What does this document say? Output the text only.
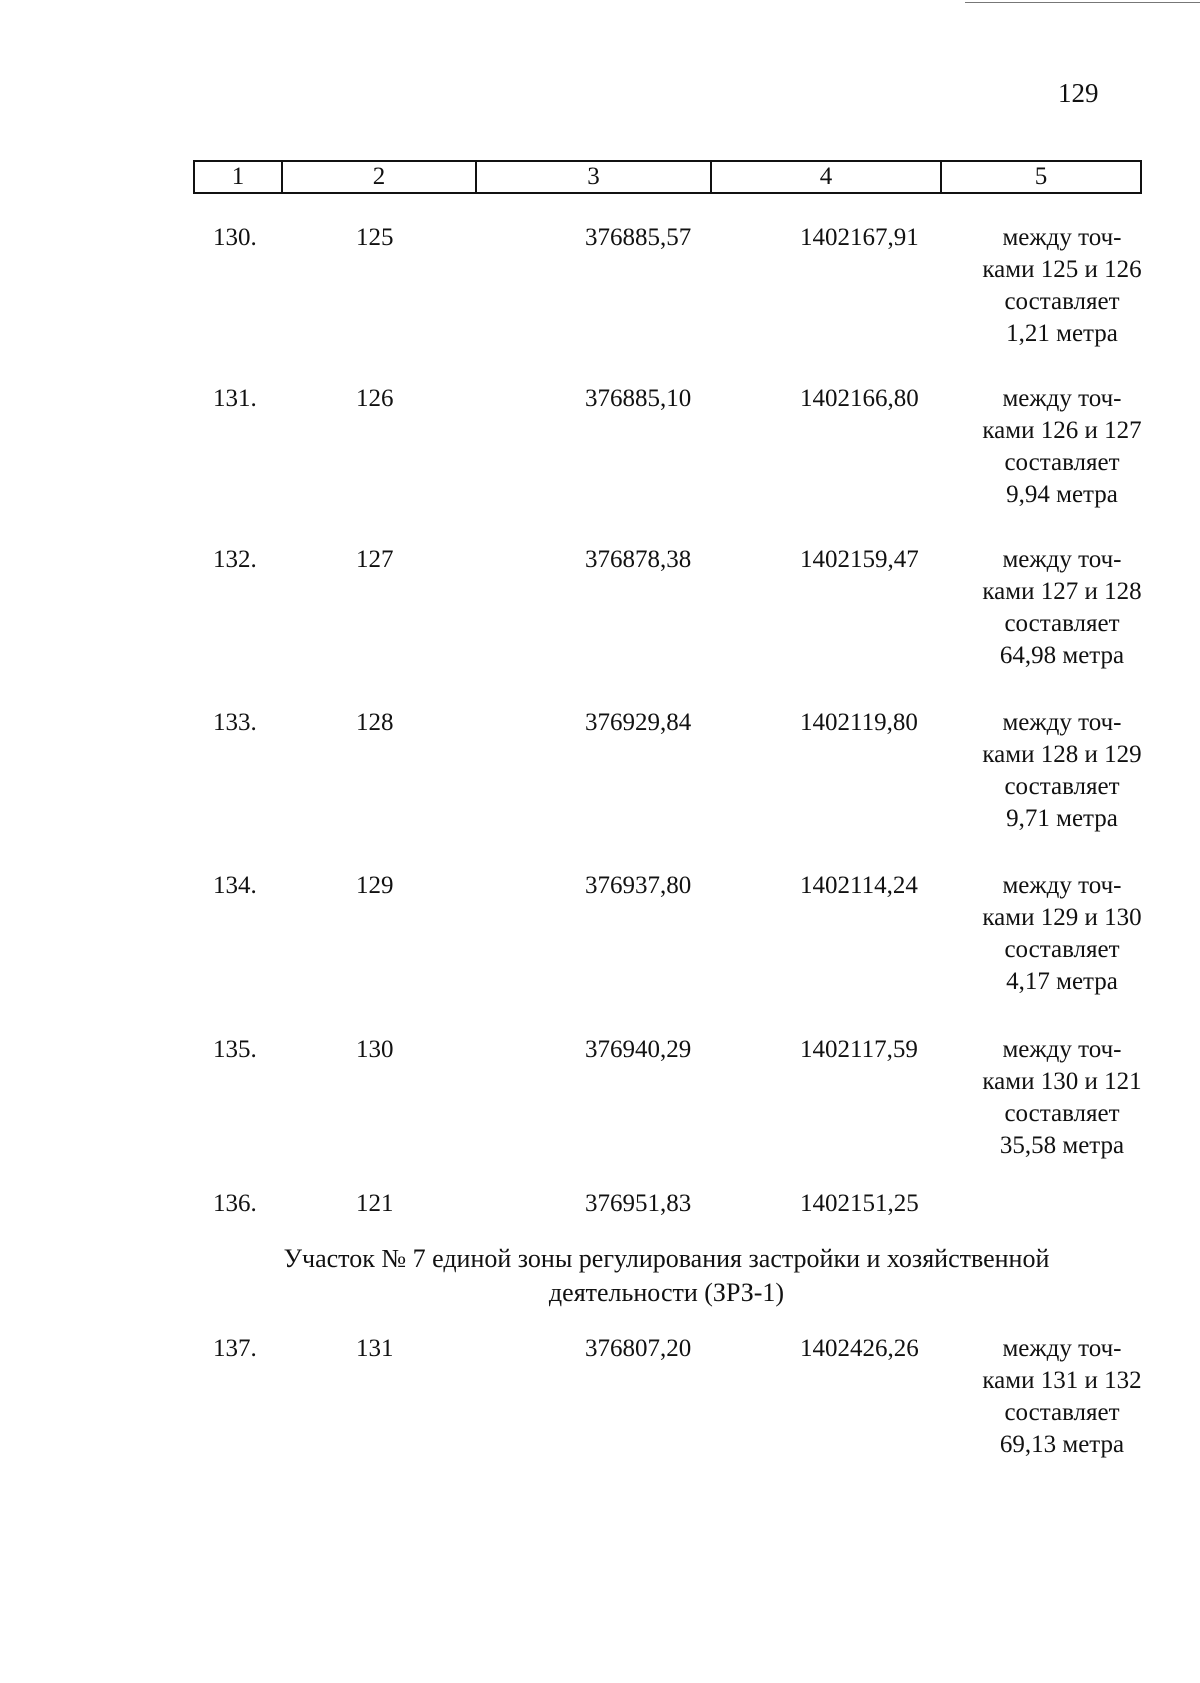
129
1	2	3	4	5
130.	125	376885,57	1402167,91	между точ-
ками 125 и 126
составляет
1,21 метра
131.	126	376885,10	1402166,80	между точ-
ками 126 и 127
составляет
9,94 метра
132.	127	376878,38	1402159,47	между точ-
ками 127 и 128
составляет
64,98 метра
133.	128	376929,84	1402119,80	между точ-
ками 128 и 129
составляет
9,71 метра
134.	129	376937,80	1402114,24	между точ-
ками 129 и 130
составляет
4,17 метра
135.	130	376940,29	1402117,59	между точ-
ками 130 и 121
составляет
35,58 метра
136.	121	376951,83	1402151,25
Участок № 7 единой зоны регулирования застройки и хозяйственной
деятельности (ЗРЗ-1)
137.	131	376807,20	1402426,26	между точ-
ками 131 и 132
составляет
69,13 метра
